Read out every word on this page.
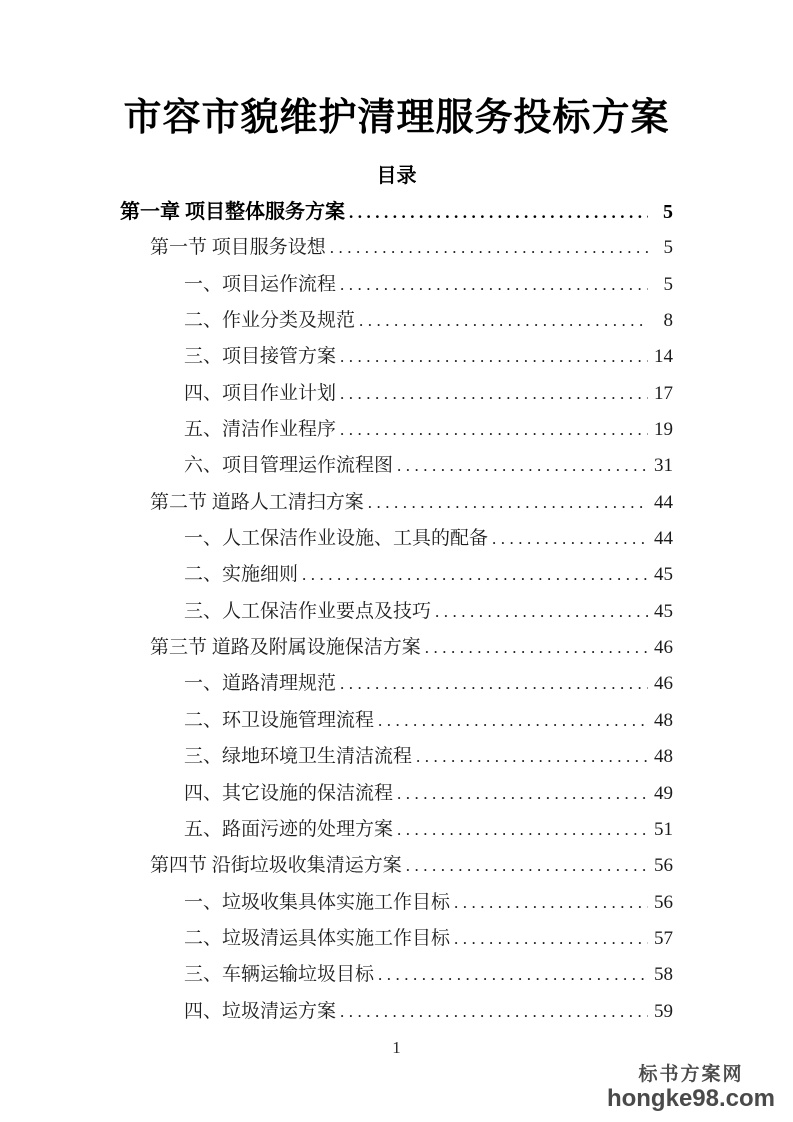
市容市貌维护清理服务投标方案
目录
第一章 项目整体服务方案 .....	5
第一节 项目服务设想 .....	5
一、项目运作流程 .....	5
二、作业分类及规范 .....	8
三、项目接管方案 .....	14
四、项目作业计划 .....	17
五、清洁作业程序 .....	19
六、项目管理运作流程图 .....	31
第二节 道路人工清扫方案 .....	44
一、人工保洁作业设施、工具的配备 .....	44
二、实施细则 .....	45
三、人工保洁作业要点及技巧 .....	45
第三节 道路及附属设施保洁方案 .....	46
一、道路清理规范 .....	46
二、环卫设施管理流程 .....	48
三、绿地环境卫生清洁流程 .....	48
四、其它设施的保洁流程 .....	49
五、路面污迹的处理方案 .....	51
第四节 沿街垃圾收集清运方案 .....	56
一、垃圾收集具体实施工作目标 .....	56
二、垃圾清运具体实施工作目标 .....	57
三、车辆运输垃圾目标 .....	58
四、垃圾清运方案 .....	59
1
标书方案网
hongke98.com
